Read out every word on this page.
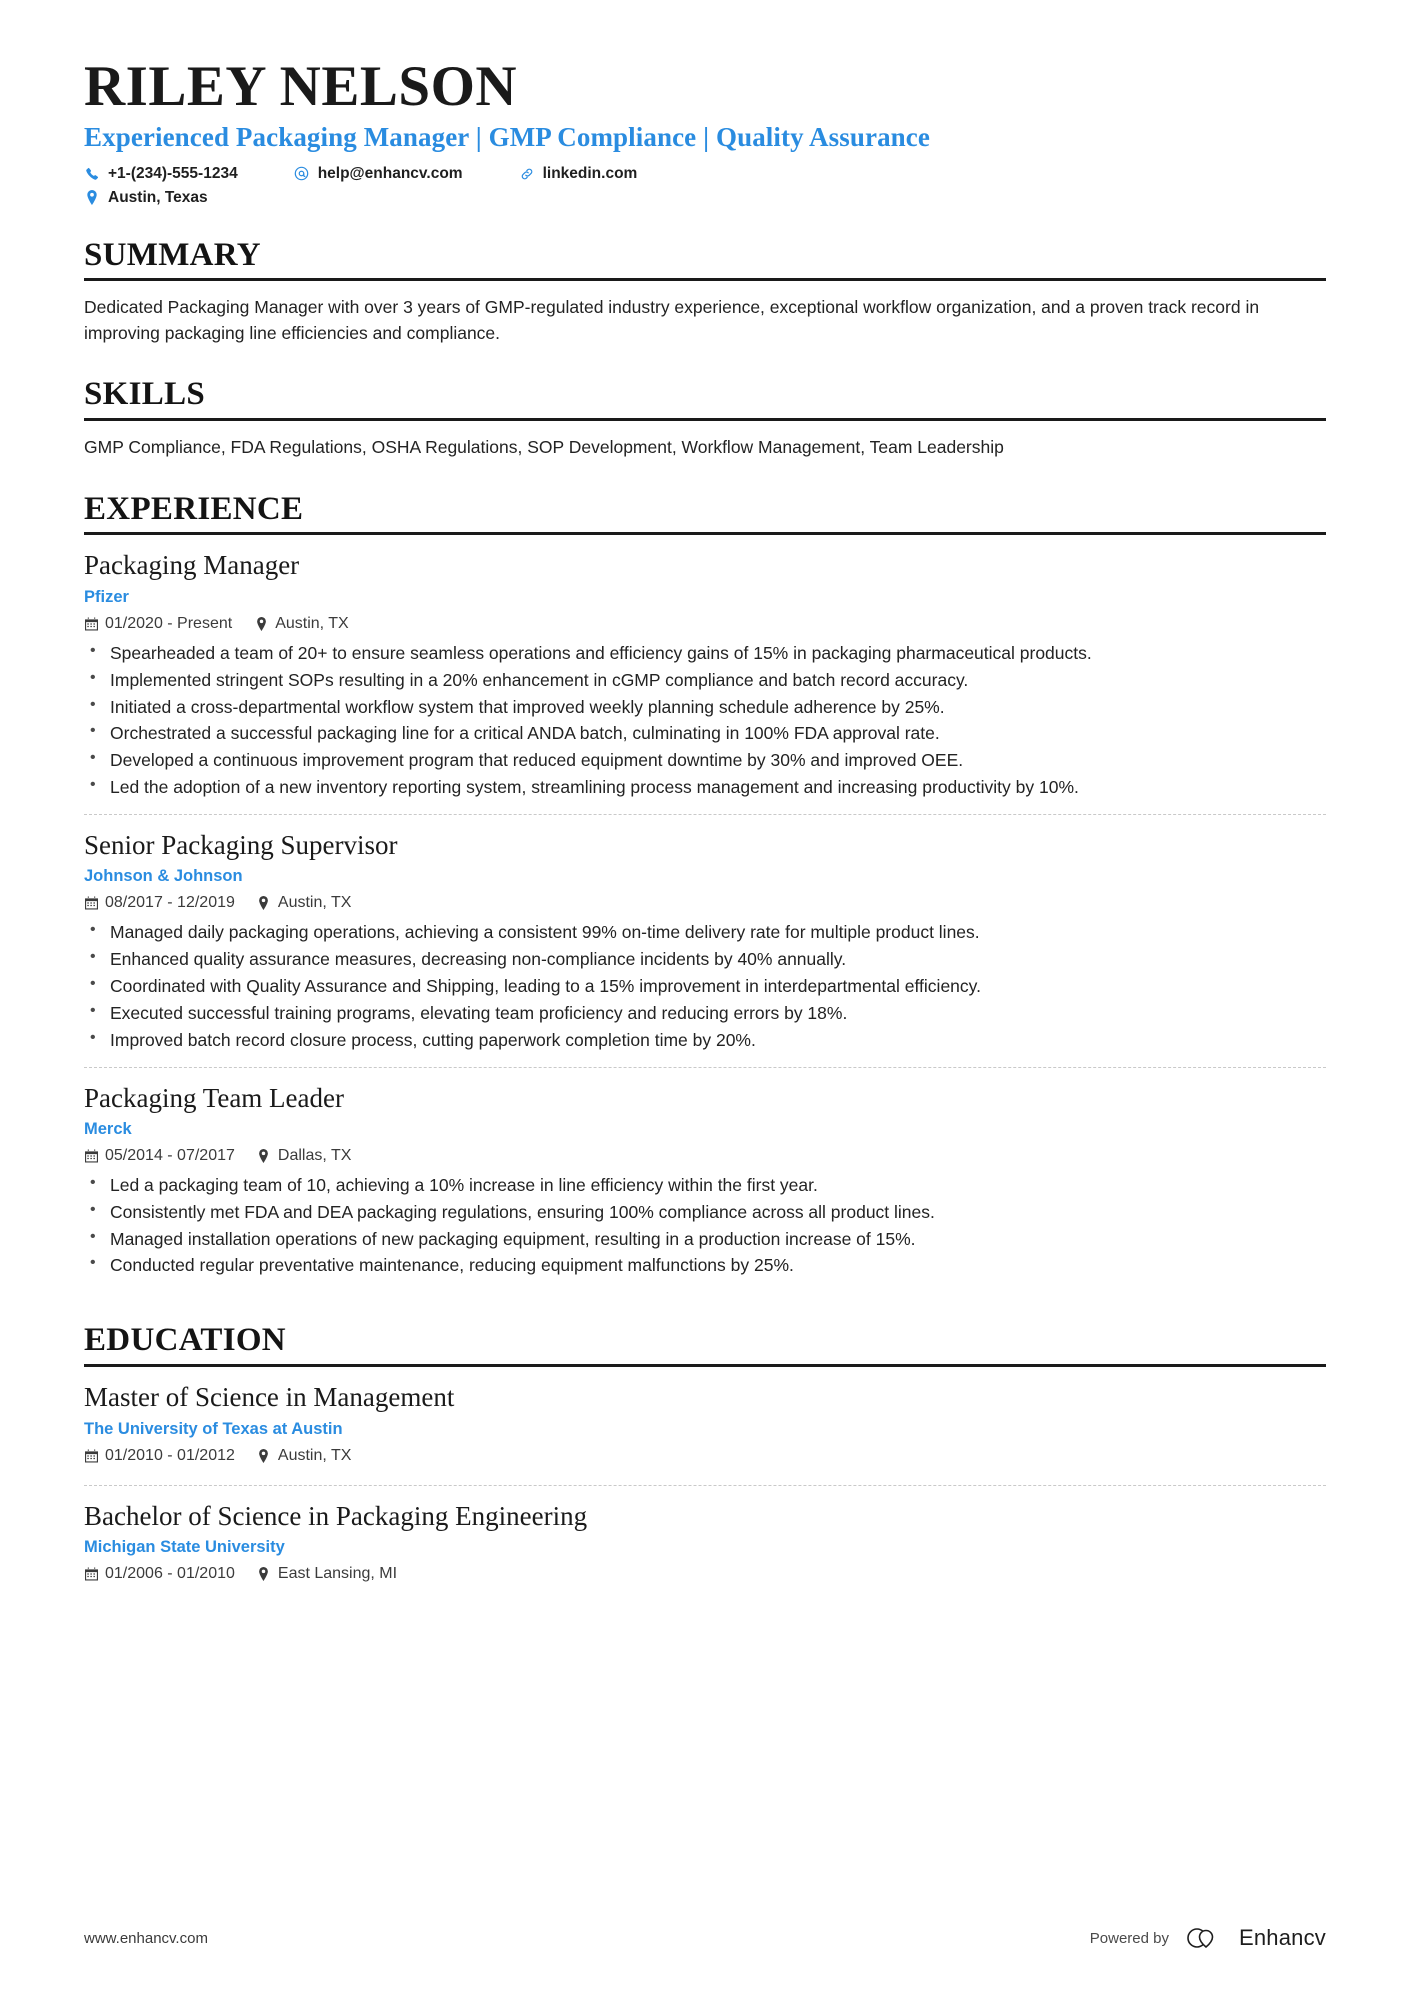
RILEY NELSON
Experienced Packaging Manager | GMP Compliance | Quality Assurance
+1-(234)-555-1234	help@enhancv.com	linkedin.com
Austin, Texas
SUMMARY
Dedicated Packaging Manager with over 3 years of GMP-regulated industry experience, exceptional workflow organization, and a proven track record in improving packaging line efficiencies and compliance.
SKILLS
GMP Compliance, FDA Regulations, OSHA Regulations, SOP Development, Workflow Management, Team Leadership
EXPERIENCE
Packaging Manager
Pfizer
01/2020 - Present	Austin, TX
• Spearheaded a team of 20+ to ensure seamless operations and efficiency gains of 15% in packaging pharmaceutical products.
• Implemented stringent SOPs resulting in a 20% enhancement in cGMP compliance and batch record accuracy.
• Initiated a cross-departmental workflow system that improved weekly planning schedule adherence by 25%.
• Orchestrated a successful packaging line for a critical ANDA batch, culminating in 100% FDA approval rate.
• Developed a continuous improvement program that reduced equipment downtime by 30% and improved OEE.
• Led the adoption of a new inventory reporting system, streamlining process management and increasing productivity by 10%.
Senior Packaging Supervisor
Johnson & Johnson
08/2017 - 12/2019	Austin, TX
• Managed daily packaging operations, achieving a consistent 99% on-time delivery rate for multiple product lines.
• Enhanced quality assurance measures, decreasing non-compliance incidents by 40% annually.
• Coordinated with Quality Assurance and Shipping, leading to a 15% improvement in interdepartmental efficiency.
• Executed successful training programs, elevating team proficiency and reducing errors by 18%.
• Improved batch record closure process, cutting paperwork completion time by 20%.
Packaging Team Leader
Merck
05/2014 - 07/2017	Dallas, TX
• Led a packaging team of 10, achieving a 10% increase in line efficiency within the first year.
• Consistently met FDA and DEA packaging regulations, ensuring 100% compliance across all product lines.
• Managed installation operations of new packaging equipment, resulting in a production increase of 15%.
• Conducted regular preventative maintenance, reducing equipment malfunctions by 25%.
EDUCATION
Master of Science in Management
The University of Texas at Austin
01/2010 - 01/2012	Austin, TX
Bachelor of Science in Packaging Engineering
Michigan State University
01/2006 - 01/2010	East Lansing, MI
www.enhancv.com	Powered by	Enhancv
